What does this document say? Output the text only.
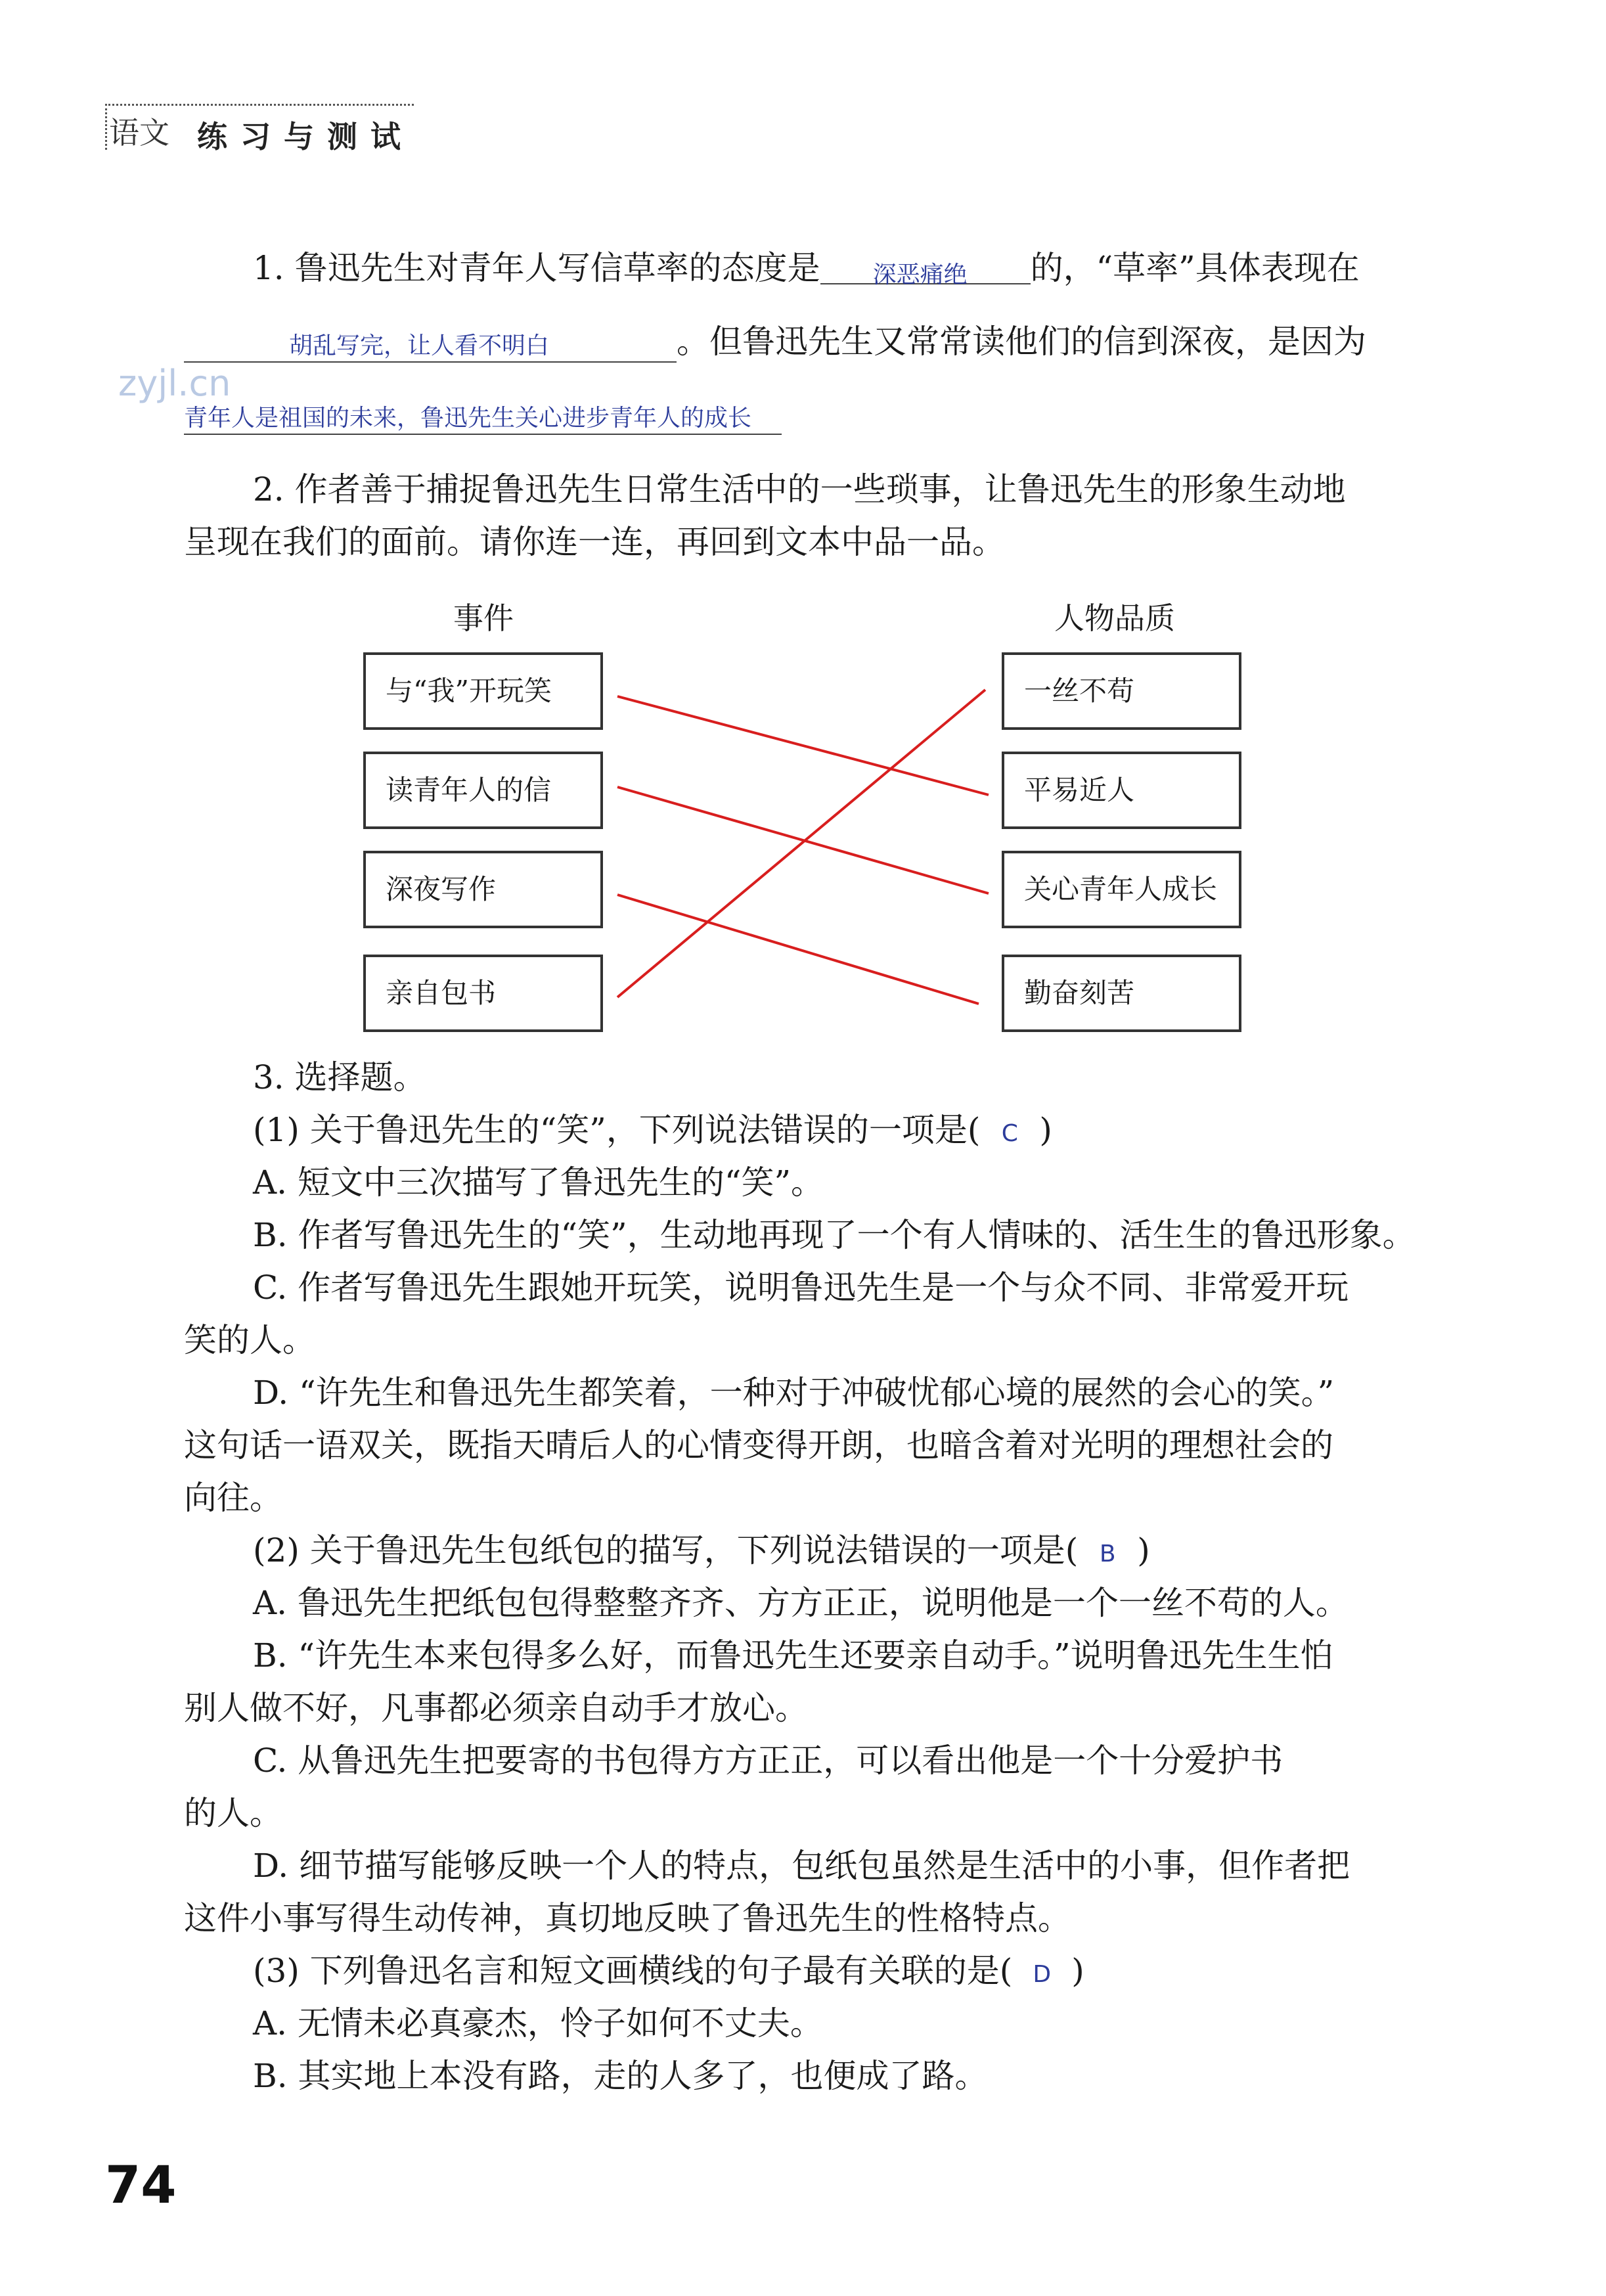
语文 练习与测试
zyjl.cn
1. 鲁迅先生对青年人写信草率的态度是 深恶痛绝 的，“草率”具体表现在
胡乱写完，让人看不明白	。但鲁迅先生又常常读他们的信到深夜，是因为
青年人是祖国的未来，鲁迅先生关心进步青年人的成长
2. 作者善于捕捉鲁迅先生日常生活中的一些琐事，让鲁迅先生的形象生动地
呈现在我们的面前。请你连一连，再回到文本中品一品。
事件	人物品质
与“我”开玩笑
读青年人的信
深夜写作
亲自包书
一丝不苟
平易近人
关心青年人成长
勤奋刻苦
3. 选择题。
(1) 关于鲁迅先生的“笑”，下列说法错误的一项是( C )
A. 短文中三次描写了鲁迅先生的“笑”。
B. 作者写鲁迅先生的“笑”，生动地再现了一个有人情味的、活生生的鲁迅形象。
C. 作者写鲁迅先生跟她开玩笑，说明鲁迅先生是一个与众不同、非常爱开玩
笑的人。
D. “许先生和鲁迅先生都笑着，一种对于冲破忧郁心境的展然的会心的笑。”
这句话一语双关，既指天晴后人的心情变得开朗，也暗含着对光明的理想社会的
向往。
(2) 关于鲁迅先生包纸包的描写，下列说法错误的一项是( B )
A. 鲁迅先生把纸包包得整整齐齐、方方正正，说明他是一个一丝不苟的人。
B. “许先生本来包得多么好，而鲁迅先生还要亲自动手。”说明鲁迅先生生怕
别人做不好，凡事都必须亲自动手才放心。
C. 从鲁迅先生把要寄的书包得方方正正，可以看出他是一个十分爱护书
的人。
D. 细节描写能够反映一个人的特点，包纸包虽然是生活中的小事，但作者把
这件小事写得生动传神，真切地反映了鲁迅先生的性格特点。
(3) 下列鲁迅名言和短文画横线的句子最有关联的是( D )
A. 无情未必真豪杰，怜子如何不丈夫。
B. 其实地上本没有路，走的人多了，也便成了路。
74
